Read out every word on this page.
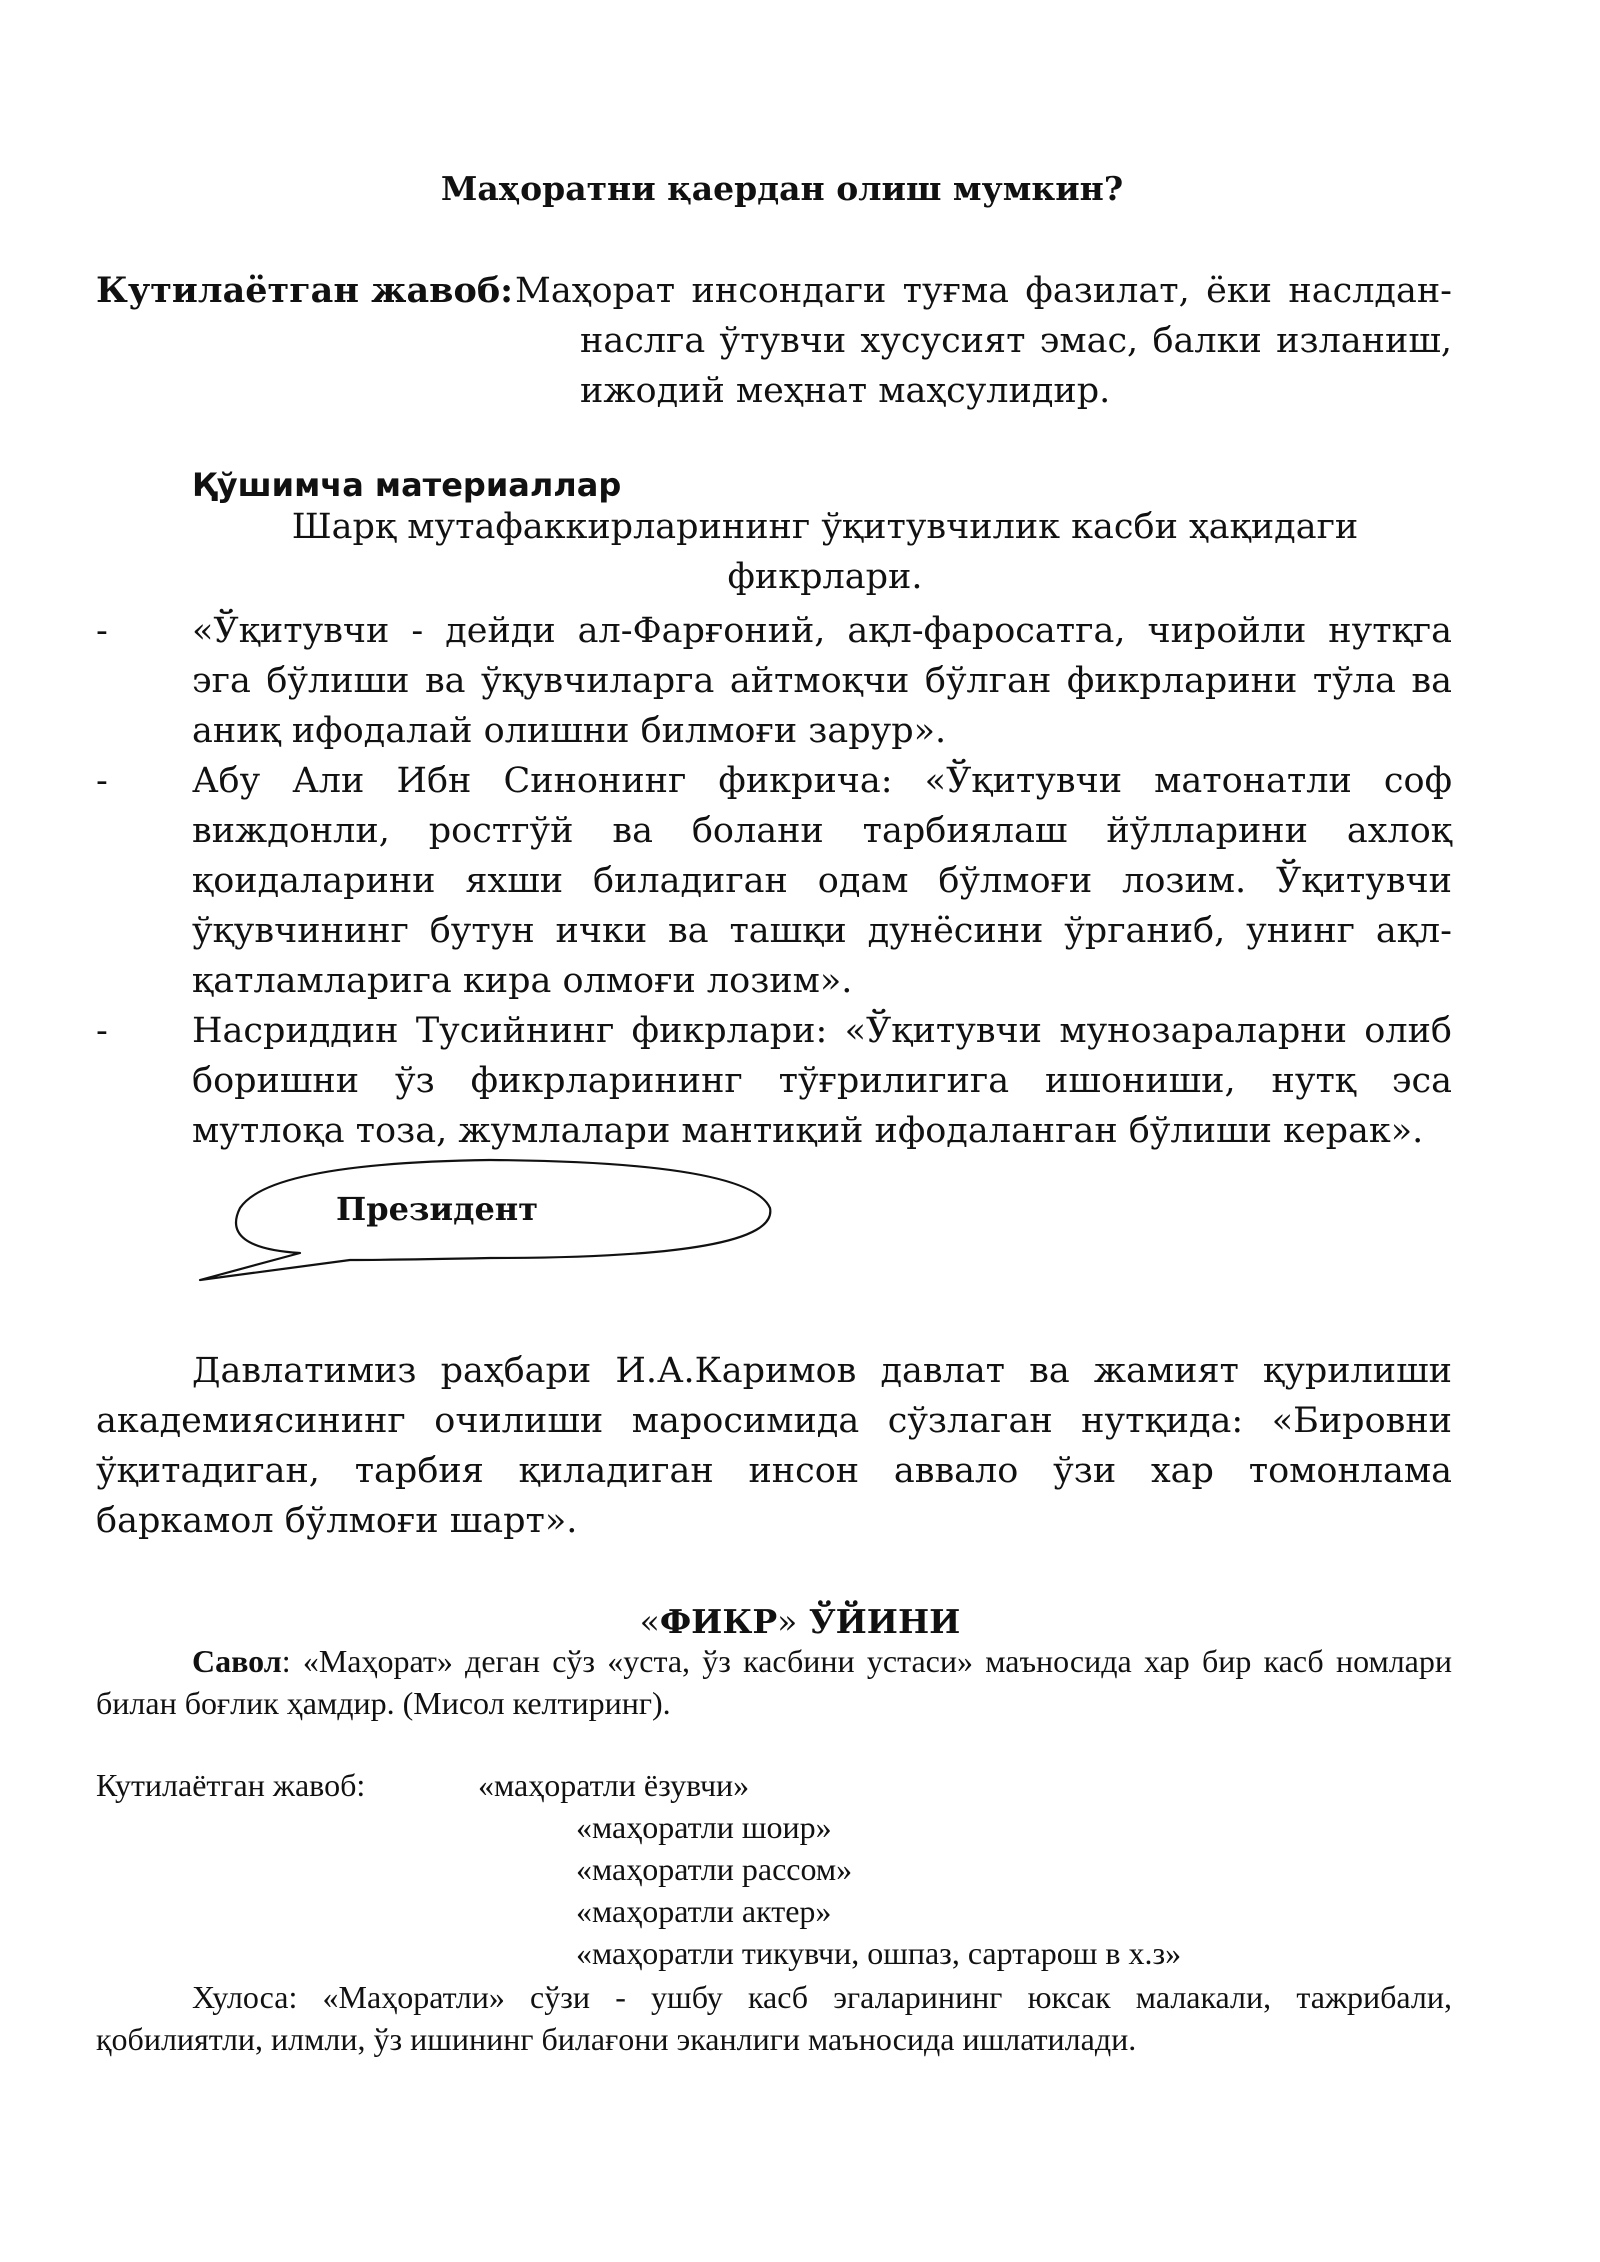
Маҳоратни қаердан олиш мумкин?
Кутилаётган жавоб: Маҳорат инсондаги туғма фазилат, ёки наслдан-
наслга ўтувчи хусусият эмас, балки изланиш,
ижодий меҳнат маҳсулидир.
Қўшимча материаллар
Шарқ мутафаккирларининг ўқитувчилик касби ҳақидаги фикрлари.
- «Ўқитувчи - дейди ал-Фарғоний, ақл-фаросатга, чиройли нутқга эга бўлиши ва ўқувчиларга айтмоқчи бўлган фикрларини тўла ва аниқ ифодалай олишни билмоғи зарур».
- Абу Али Ибн Синонинг фикрича: «Ўқитувчи матонатли соф виждонли, ростгўй ва болани тарбиялаш йўлларини ахлоқ қоидаларини яхши биладиган одам бўлмоғи лозим. Ўқитувчи ўқувчининг бутун ички ва ташқи дунёсини ўрганиб, унинг ақл-қатламларига кира олмоғи лозим».
- Насриддин Тусийнинг фикрлари: «Ўқитувчи мунозараларни олиб боришни ўз фикрларининг тўғрилигига ишониши, нутқ эса мутлоқа тоза, жумлалари мантиқий ифодаланган бўлиши керак».
Президент
Давлатимиз раҳбари И.А.Каримов давлат ва жамият қурилиши академиясининг очилиши маросимида сўзлаган нутқида: «Бировни ўқитадиган, тарбия қиладиган инсон аввало ўзи хар томонлама баркамол бўлмоғи шарт».
«ФИКР» ЎЙИНИ
Савол: «Маҳорат» деган сўз «уста, ўз касбини устаси» маъносида хар бир касб номлари билан боғлик ҳамдир. (Мисол келтиринг).
Кутилаётган жавоб:	«маҳоратли ёзувчи»
«маҳоратли шоир»
«маҳоратли рассом»
«маҳоратли актер»
«маҳоратли тикувчи, ошпаз, сартарош в х.з»
Хулоса: «Маҳоратли» сўзи - ушбу касб эгаларининг юксак малакали, тажрибали, қобилиятли, илмли, ўз ишининг билағони эканлиги маъносида ишлатилади.
